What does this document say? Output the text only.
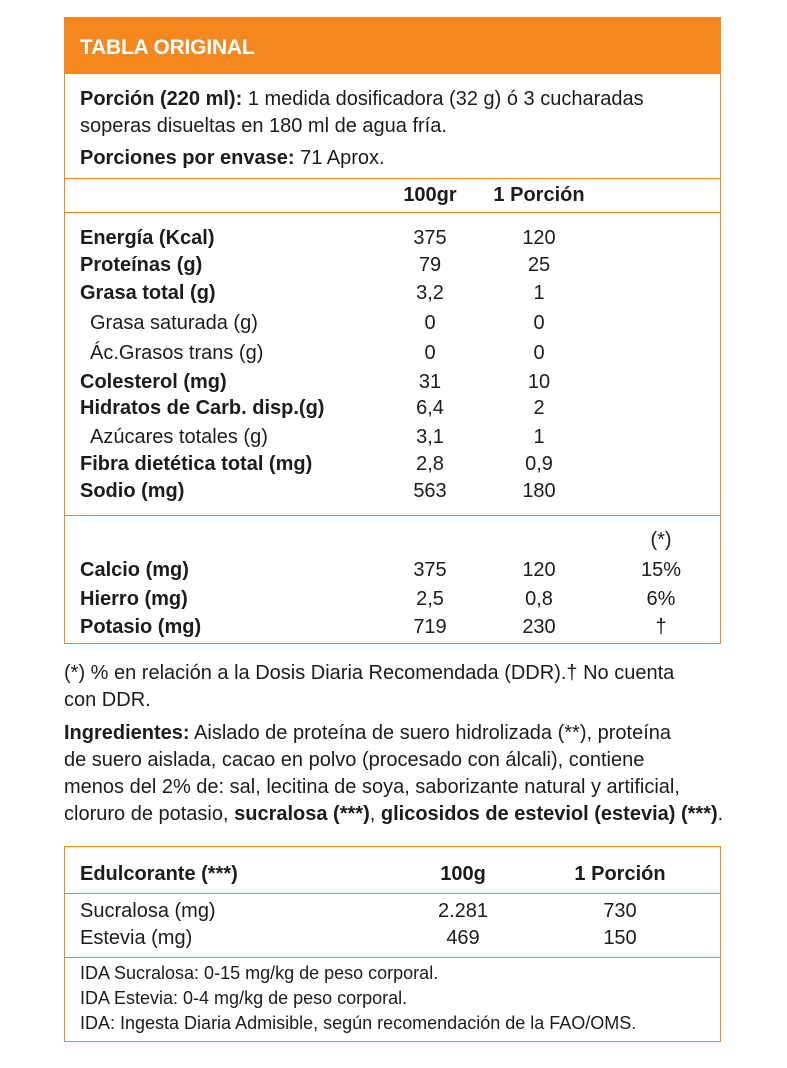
TABLA ORIGINAL
Porción (220 ml): 1 medida dosificadora (32 g) ó 3 cucharadas
soperas disueltas en 180 ml de agua fría.
Porciones por envase: 71 Aprox.
100gr	1 Porción
Energía (Kcal)	375	120
Proteínas (g)	79	25
Grasa total (g)	3,2	1
Grasa saturada (g)	0	0
Ác.Grasos trans (g)	0	0
Colesterol (mg)	31	10
Hidratos de Carb. disp.(g)	6,4	2
Azúcares totales (g)	3,1	1
Fibra dietética total (mg)	2,8	0,9
Sodio (mg)	563	180
(*)
Calcio (mg)	375	120	15%
Hierro (mg)	2,5	0,8	6%
Potasio (mg)	719	230	†

(*) % en relación a la Dosis Diaria Recomendada (DDR).† No cuenta
con DDR.

Ingredientes: Aislado de proteína de suero hidrolizada (**), proteína
de suero aislada, cacao en polvo (procesado con álcali), contiene
menos del 2% de: sal, lecitina de soya, saborizante natural y artificial,
cloruro de potasio, sucralosa (***), glicosidos de esteviol (estevia) (***).

Edulcorante (***)	100g	1 Porción
Sucralosa (mg)	2.281	730
Estevia (mg)	469	150
IDA Sucralosa: 0-15 mg/kg de peso corporal.
IDA Estevia: 0-4 mg/kg de peso corporal.
IDA: Ingesta Diaria Admisible, según recomendación de la FAO/OMS.
